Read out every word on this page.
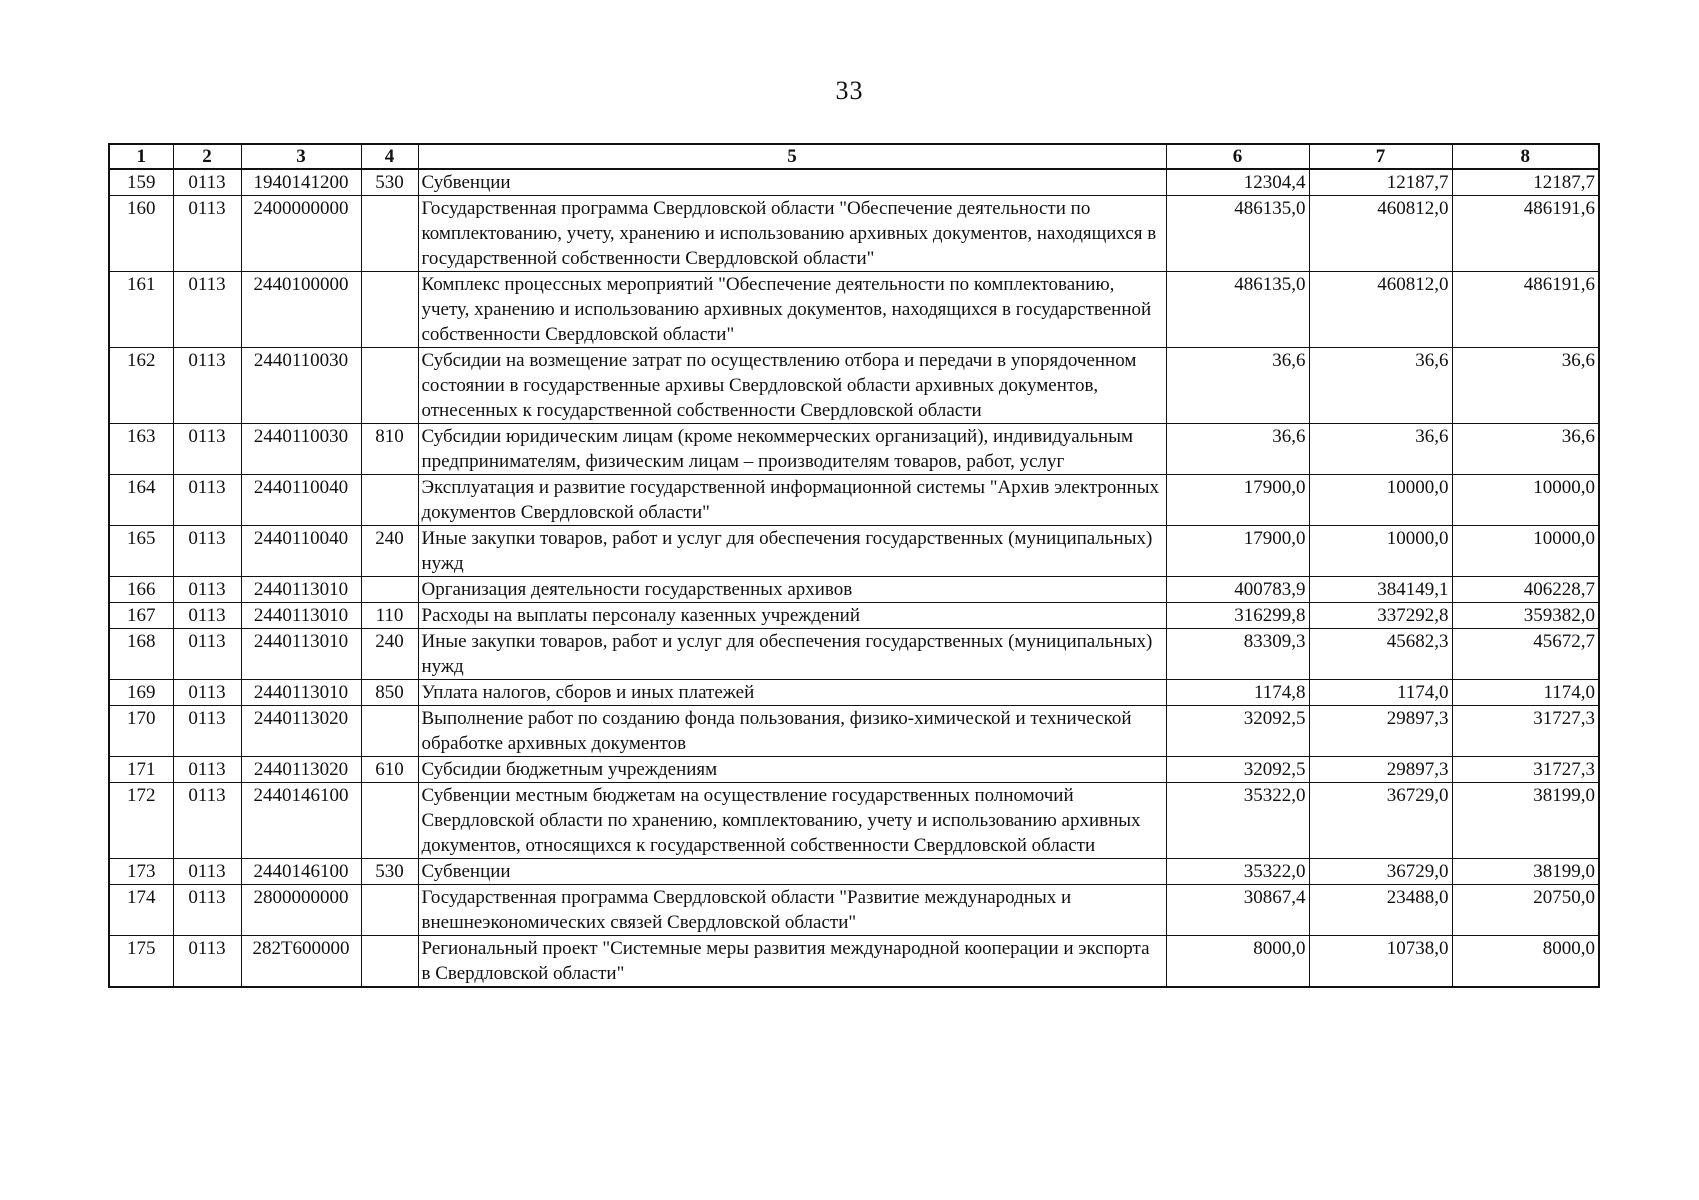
33
1	2	3	4	5	6	7	8
159	0113	1940141200	530	Субвенции	12304,4	12187,7	12187,7
160	0113	2400000000		Государственная программа Свердловской области "Обеспечение деятельности по комплектованию, учету, хранению и использованию архивных документов, находящихся в государственной собственности Свердловской области"	486135,0	460812,0	486191,6
161	0113	2440100000		Комплекс процессных мероприятий "Обеспечение деятельности по комплектованию, учету, хранению и использованию архивных документов, находящихся в государственной собственности Свердловской области"	486135,0	460812,0	486191,6
162	0113	2440110030		Субсидии на возмещение затрат по осуществлению отбора и передачи в упорядоченном состоянии в государственные архивы Свердловской области архивных документов, отнесенных к государственной собственности Свердловской области	36,6	36,6	36,6
163	0113	2440110030	810	Субсидии юридическим лицам (кроме некоммерческих организаций), индивидуальным предпринимателям, физическим лицам – производителям товаров, работ, услуг	36,6	36,6	36,6
164	0113	2440110040		Эксплуатация и развитие государственной информационной системы "Архив электронных документов Свердловской области"	17900,0	10000,0	10000,0
165	0113	2440110040	240	Иные закупки товаров, работ и услуг для обеспечения государственных (муниципальных) нужд	17900,0	10000,0	10000,0
166	0113	2440113010		Организация деятельности государственных архивов	400783,9	384149,1	406228,7
167	0113	2440113010	110	Расходы на выплаты персоналу казенных учреждений	316299,8	337292,8	359382,0
168	0113	2440113010	240	Иные закупки товаров, работ и услуг для обеспечения государственных (муниципальных) нужд	83309,3	45682,3	45672,7
169	0113	2440113010	850	Уплата налогов, сборов и иных платежей	1174,8	1174,0	1174,0
170	0113	2440113020		Выполнение работ по созданию фонда пользования, физико-химической и технической обработке архивных документов	32092,5	29897,3	31727,3
171	0113	2440113020	610	Субсидии бюджетным учреждениям	32092,5	29897,3	31727,3
172	0113	2440146100		Субвенции местным бюджетам на осуществление государственных полномочий Свердловской области по хранению, комплектованию, учету и использованию архивных документов, относящихся к государственной собственности Свердловской области	35322,0	36729,0	38199,0
173	0113	2440146100	530	Субвенции	35322,0	36729,0	38199,0
174	0113	2800000000		Государственная программа Свердловской области "Развитие международных и внешнеэкономических связей Свердловской области"	30867,4	23488,0	20750,0
175	0113	282Т600000		Региональный проект "Системные меры развития международной кооперации и экспорта в Свердловской области"	8000,0	10738,0	8000,0
